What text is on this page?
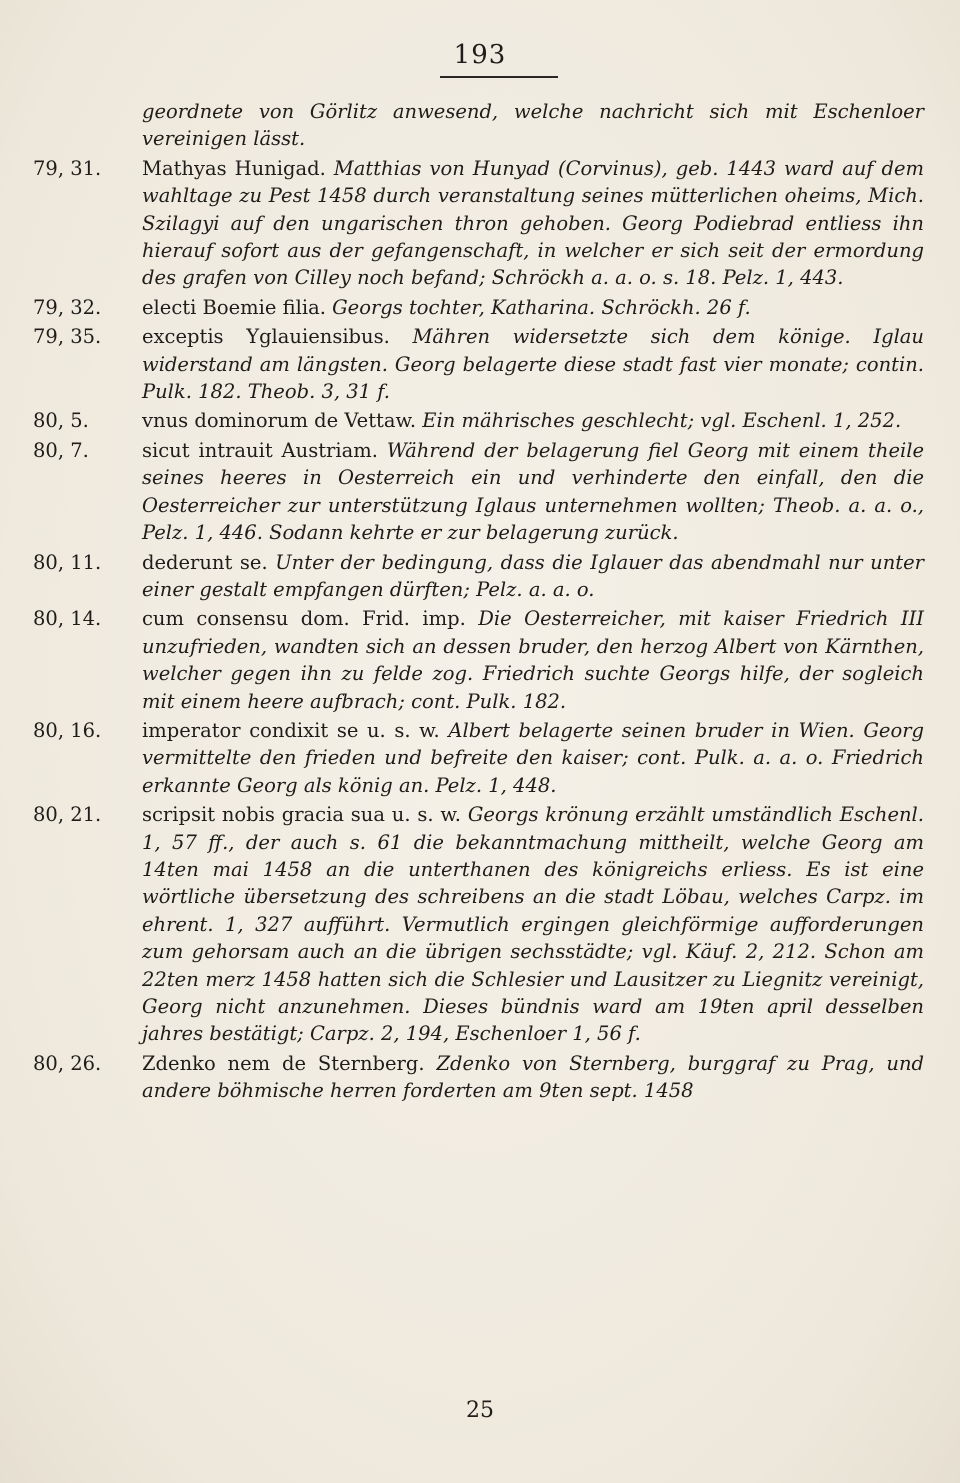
193
geordnete von Görlitz anwesend, welche nachricht sich mit Eschenloer vereinigen lässt.
79, 31.	Mathyas Hunigad. Matthias von Hunyad (Corvinus), geb. 1443 ward auf dem wahltage zu Pest 1458 durch veranstaltung seines mütterlichen oheims, Mich. Szilagyi auf den ungarischen thron gehoben. Georg Podiebrad entliess ihn hierauf sofort aus der gefangenschaft, in welcher er sich seit der ermordung des grafen von Cilley noch befand; Schröckh a. a. o. s. 18. Pelz. 1, 443.
79, 32.	electi Boemie filia. Georgs tochter, Katharina. Schröckh. 26 f.
79, 35.	exceptis Yglauiensibus. Mähren widersetzte sich dem könige. Iglau widerstand am längsten. Georg belagerte diese stadt fast vier monate; contin. Pulk. 182. Theob. 3, 31 f.
80, 5.	vnus dominorum de Vettaw. Ein mährisches geschlecht; vgl. Eschenl. 1, 252.
80, 7.	sicut intrauit Austriam. Während der belagerung fiel Georg mit einem theile seines heeres in Oesterreich ein und verhinderte den einfall, den die Oesterreicher zur unterstützung Iglaus unternehmen wollten; Theob. a. a. o., Pelz. 1, 446. Sodann kehrte er zur belagerung zurück.
80, 11.	dederunt se. Unter der bedingung, dass die Iglauer das abendmahl nur unter einer gestalt empfangen dürften; Pelz. a. a. o.
80, 14.	cum consensu dom. Frid. imp. Die Oesterreicher, mit kaiser Friedrich III unzufrieden, wandten sich an dessen bruder, den herzog Albert von Kärnthen, welcher gegen ihn zu felde zog. Friedrich suchte Georgs hilfe, der sogleich mit einem heere aufbrach; cont. Pulk. 182.
80, 16.	imperator condixit se u. s. w. Albert belagerte seinen bruder in Wien. Georg vermittelte den frieden und befreite den kaiser; cont. Pulk. a. a. o. Friedrich erkannte Georg als könig an. Pelz. 1, 448.
80, 21.	scripsit nobis gracia sua u. s. w. Georgs krönung erzählt umständlich Eschenl. 1, 57 ff., der auch s. 61 die bekanntmachung mittheilt, welche Georg am 14ten mai 1458 an die unterthanen des königreichs erliess. Es ist eine wörtliche übersetzung des schreibens an die stadt Löbau, welches Carpz. im ehrent. 1, 327 aufführt. Vermutlich ergingen gleichförmige aufforderungen zum gehorsam auch an die übrigen sechsstädte; vgl. Käuf. 2, 212. Schon am 22ten merz 1458 hatten sich die Schlesier und Lausitzer zu Liegnitz vereinigt, Georg nicht anzunehmen. Dieses bündnis ward am 19ten april desselben jahres bestätigt; Carpz. 2, 194, Eschenloer 1, 56 f.
80, 26.	Zdenko nem de Sternberg. Zdenko von Sternberg, burggraf zu Prag, und andere böhmische herren forderten am 9ten sept. 1458
25
